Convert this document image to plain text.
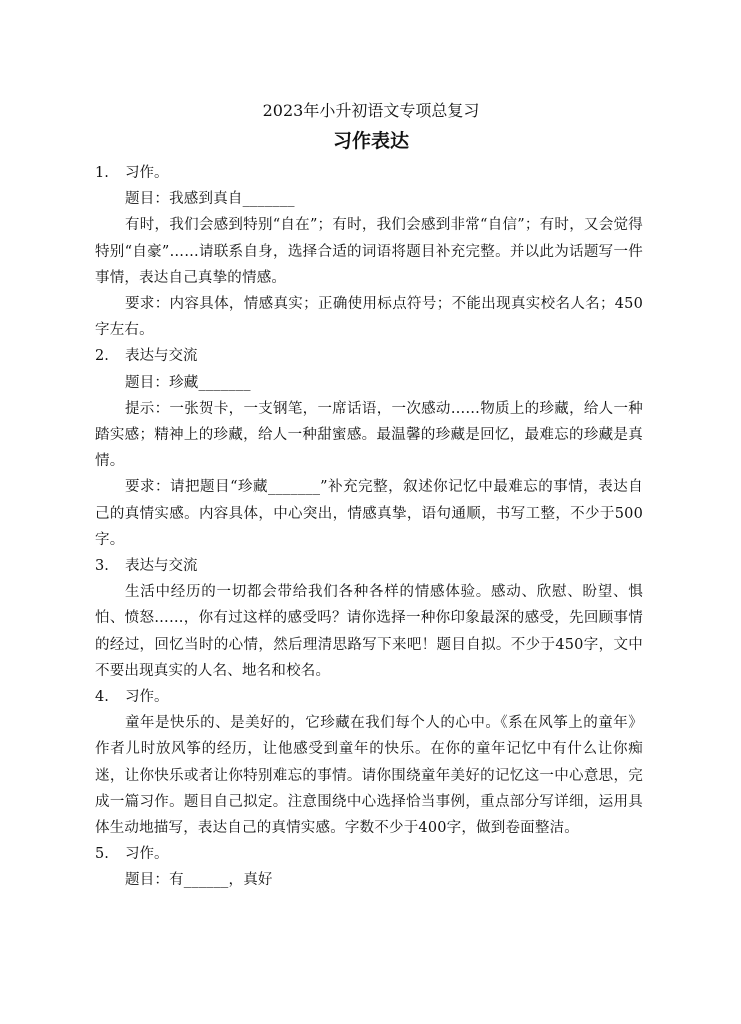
2023年小升初语文专项总复习
习作表达

1. 习作。

题目：我感到真自_______

有时，我们会感到特别“自在”；有时，我们会感到非常“自信”；有时，又会觉得特别“自豪”……请联系自身，选择合适的词语将题目补充完整。并以此为话题写一件事情，表达自己真挚的情感。

要求：内容具体，情感真实；正确使用标点符号；不能出现真实校名人名；450字左右。

2. 表达与交流

题目：珍藏_______

提示：一张贺卡，一支钢笔，一席话语，一次感动……物质上的珍藏，给人一种踏实感；精神上的珍藏，给人一种甜蜜感。最温馨的珍藏是回忆，最难忘的珍藏是真情。

要求：请把题目“珍藏_______”补充完整，叙述你记忆中最难忘的事情，表达自己的真情实感。内容具体，中心突出，情感真挚，语句通顺，书写工整，不少于500字。

3. 表达与交流

生活中经历的一切都会带给我们各种各样的情感体验。感动、欣慰、盼望、惧怕、愤怒……，你有过这样的感受吗？请你选择一种你印象最深的感受，先回顾事情的经过，回忆当时的心情，然后理清思路写下来吧！题目自拟。不少于450字，文中不要出现真实的人名、地名和校名。

4. 习作。

童年是快乐的、是美好的，它珍藏在我们每个人的心中。《系在风筝上的童年》作者儿时放风筝的经历，让他感受到童年的快乐。在你的童年记忆中有什么让你痴迷，让你快乐或者让你特别难忘的事情。请你围绕童年美好的记忆这一中心意思，完成一篇习作。题目自己拟定。注意围绕中心选择恰当事例，重点部分写详细，运用具体生动地描写，表达自己的真情实感。字数不少于400字，做到卷面整洁。

5. 习作。

题目：有______，真好
